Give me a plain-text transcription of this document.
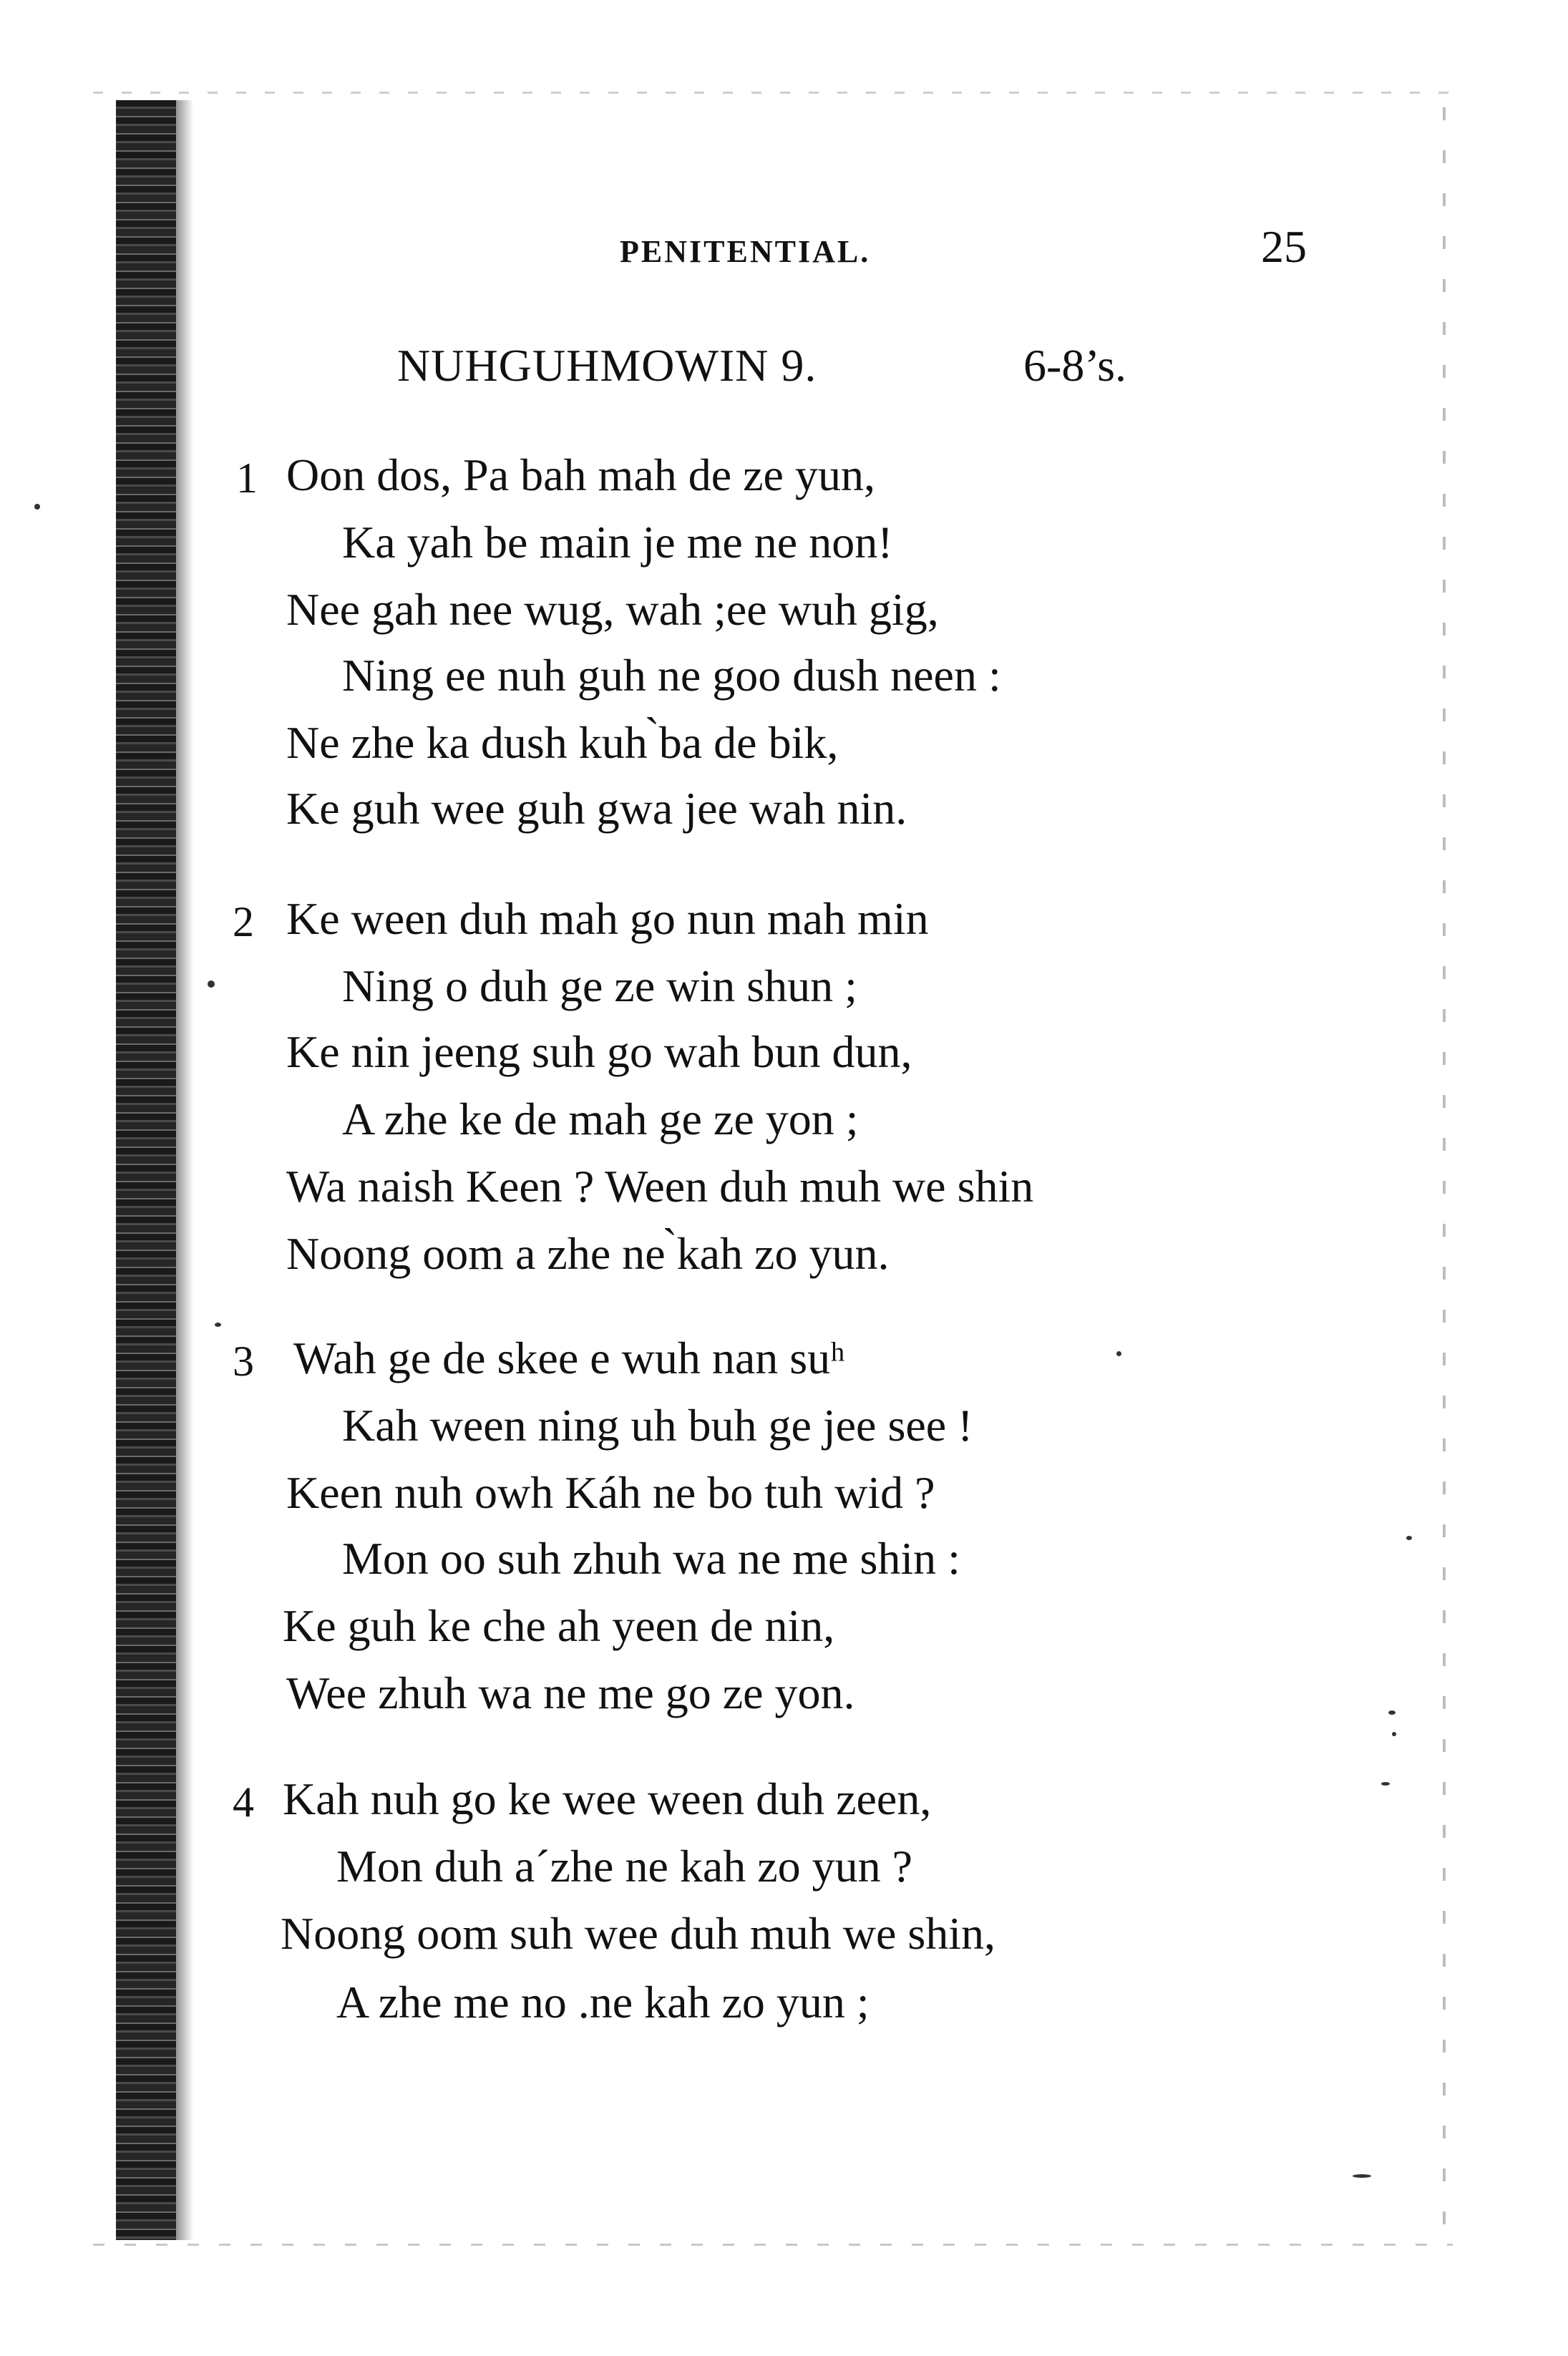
PENITENTIAL.	25
NUHGUHMOWIN 9.	6-8’s.
1 Oon dos, Pa bah mah de ze yun,
Ka yah be main je me ne non!
Nee gah nee wug, wah ;ee wuh gig,
Ning ee nuh guh ne goo dush neen :
Ne zhe ka dush kuh ̀ba de bik,
Ke guh wee guh gwa jee wah nin.
2 Ke ween duh mah go nun mah min
Ning o duh ge ze win shun ;
Ke nin jeeng suh go wah bun dun,
A zhe ke de mah ge ze yon ;
Wa naish Keen ? Ween duh muh we shin
Noong oom a zhe ne ̀kah zo yun.
3 Wah ge de skee e wuh nan suʰ
Kah ween ning uh buh ge jee see !
Keen nuh owh Káh ne bo tuh wid ?
Mon oo suh zhuh wa ne me shin :
Ke guh ke che ah yeen de nin,
Wee zhuh wa ne me go ze yon.
4 Kah nuh go ke wee ween duh zeen,
Mon duh aˊzhe ne kah zo yun ?
Noong oom suh wee duh muh we shin,
A zhe me no .ne kah zo yun ;
